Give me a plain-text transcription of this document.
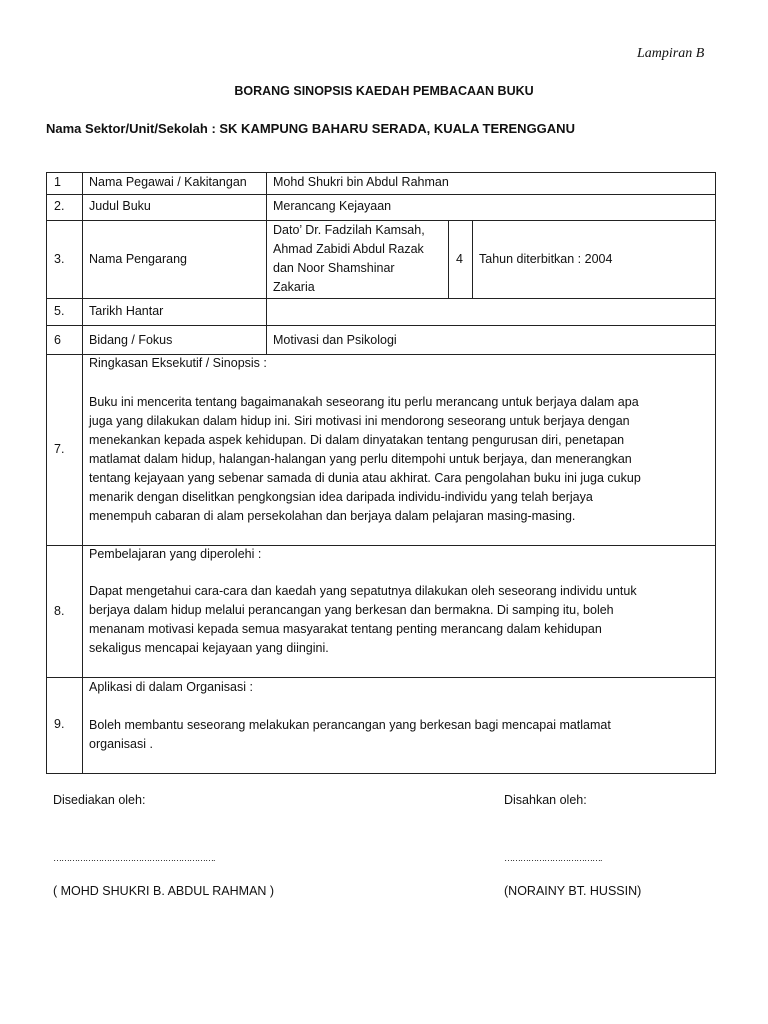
Lampiran B
BORANG SINOPSIS KAEDAH PEMBACAAN BUKU
Nama Sektor/Unit/Sekolah : SK KAMPUNG BAHARU SERADA, KUALA TERENGGANU
1 Nama Pegawai / Kakitangan Mohd Shukri bin Abdul Rahman
2. Judul Buku	Merancang Kejayaan
3. Nama Pengarang
Dato’ Dr. Fadzilah Kamsah,
Ahmad Zabidi Abdul Razak
dan Noor Shamshinar
Zakaria
4 Tahun diterbitkan : 2004
5. Tarikh Hantar
6 Bidang / Fokus	Motivasi dan Psikologi
7.
Ringkasan Eksekutif / Sinopsis :
Buku ini mencerita tentang bagaimanakah seseorang itu perlu merancang untuk berjaya dalam apa
juga yang dilakukan dalam hidup ini. Siri motivasi ini mendorong seseorang untuk berjaya dengan
menekankan kepada aspek kehidupan. Di dalam dinyatakan tentang pengurusan diri, penetapan
matlamat dalam hidup, halangan-halangan yang perlu ditempohi untuk berjaya, dan menerangkan
tentang kejayaan yang sebenar samada di dunia atau akhirat. Cara pengolahan buku ini juga cukup
menarik dengan diselitkan pengkongsian idea daripada individu-individu yang telah berjaya
menempuh cabaran di alam persekolahan dan berjaya dalam pelajaran masing-masing.
8.
Pembelajaran yang diperolehi :
Dapat mengetahui cara-cara dan kaedah yang sepatutnya dilakukan oleh seseorang individu untuk
berjaya dalam hidup melalui perancangan yang berkesan dan bermakna. Di samping itu, boleh
menanam motivasi kepada semua masyarakat tentang penting merancang dalam kehidupan
sekaligus mencapai kejayaan yang diingini.
9.
Aplikasi di dalam Organisasi :
Boleh membantu seseorang melakukan perancangan yang berkesan bagi mencapai matlamat
organisasi .
Disediakan oleh:
…………………………………………………….
( MOHD SHUKRI B. ABDUL RAHMAN )
Disahkan oleh:
……………………………….
(NORAINY BT. HUSSIN)
